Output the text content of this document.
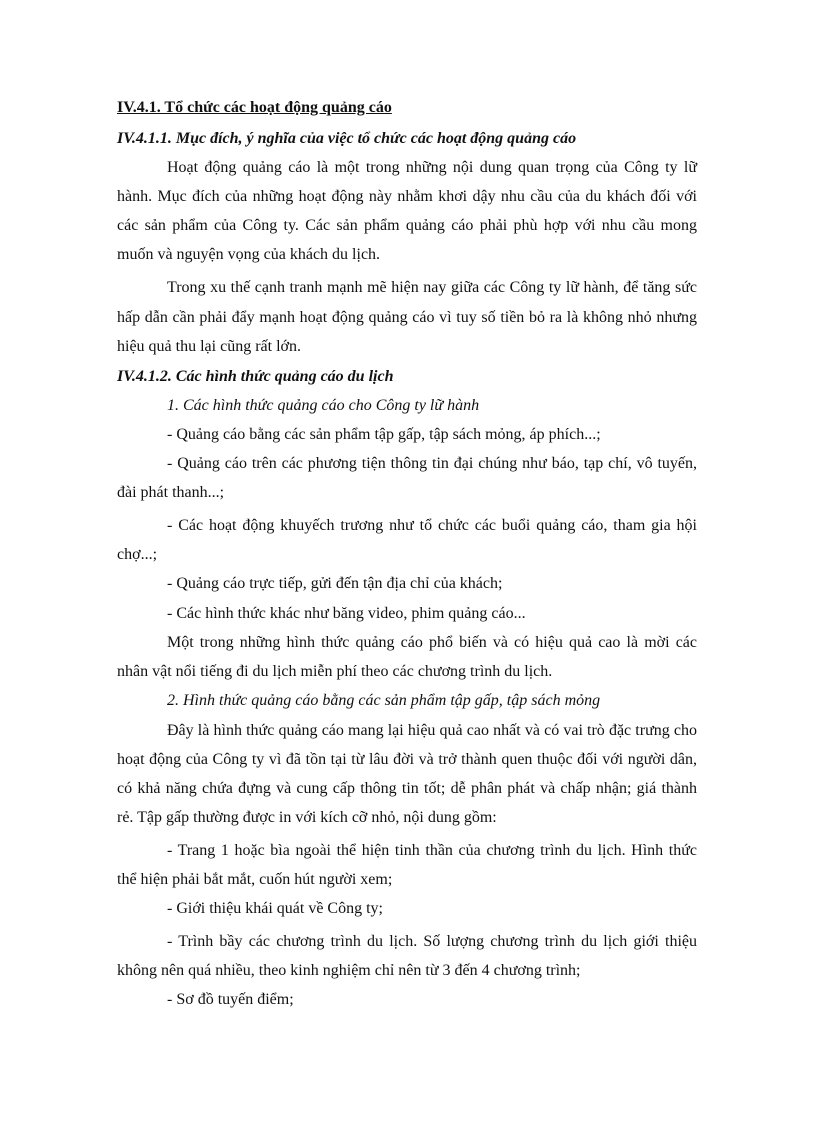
IV.4.1. Tổ chức các hoạt động quảng cáo
IV.4.1.1. Mục đích, ý nghĩa của việc tổ chức các hoạt động quảng cáo
Hoạt động quảng cáo là một trong những nội dung quan trọng của Công ty lữ
hành. Mục đích của những hoạt động này nhằm khơi dậy nhu cầu của du khách đối với
các sản phẩm của Công ty. Các sản phẩm quảng cáo phải phù hợp với nhu cầu mong
muốn và nguyện vọng của khách du lịch.
Trong xu thế cạnh tranh mạnh mẽ hiện nay giữa các Công ty lữ hành, để tăng sức
hấp dẫn cần phải đẩy mạnh hoạt động quảng cáo vì tuy số tiền bỏ ra là không nhỏ nhưng
hiệu quả thu lại cũng rất lớn.
IV.4.1.2. Các hình thức quảng cáo du lịch
1. Các hình thức quảng cáo cho Công ty lữ hành
- Quảng cáo bằng các sản phẩm tập gấp, tập sách mỏng, áp phích...;
- Quảng cáo trên các phương tiện thông tin đại chúng như báo, tạp chí, vô tuyến,
đài phát thanh...;
- Các hoạt động khuyếch trương như tổ chức các buổi quảng cáo, tham gia hội
chợ...;
- Quảng cáo trực tiếp, gửi đến tận địa chỉ của khách;
- Các hình thức khác như băng video, phim quảng cáo...
Một trong những hình thức quảng cáo phổ biến và có hiệu quả cao là mời các
nhân vật nổi tiếng đi du lịch miễn phí theo các chương trình du lịch.
2. Hình thức quảng cáo bằng các sản phẩm tập gấp, tập sách mỏng
Đây là hình thức quảng cáo mang lại hiệu quả cao nhất và có vai trò đặc trưng cho
hoạt động của Công ty vì đã tồn tại từ lâu đời và trở thành quen thuộc đối với người dân,
có khả năng chứa đựng và cung cấp thông tin tốt; dễ phân phát và chấp nhận; giá thành
rẻ. Tập gấp thường được in với kích cỡ nhỏ, nội dung gồm:
- Trang 1 hoặc bìa ngoài thể hiện tinh thần của chương trình du lịch. Hình thức
thể hiện phải bắt mắt, cuốn hút người xem;
- Giới thiệu khái quát về Công ty;
- Trình bầy các chương trình du lịch. Số lượng chương trình du lịch giới thiệu
không nên quá nhiều, theo kinh nghiệm chỉ nên từ 3 đến 4 chương trình;
- Sơ đồ tuyến điểm;
